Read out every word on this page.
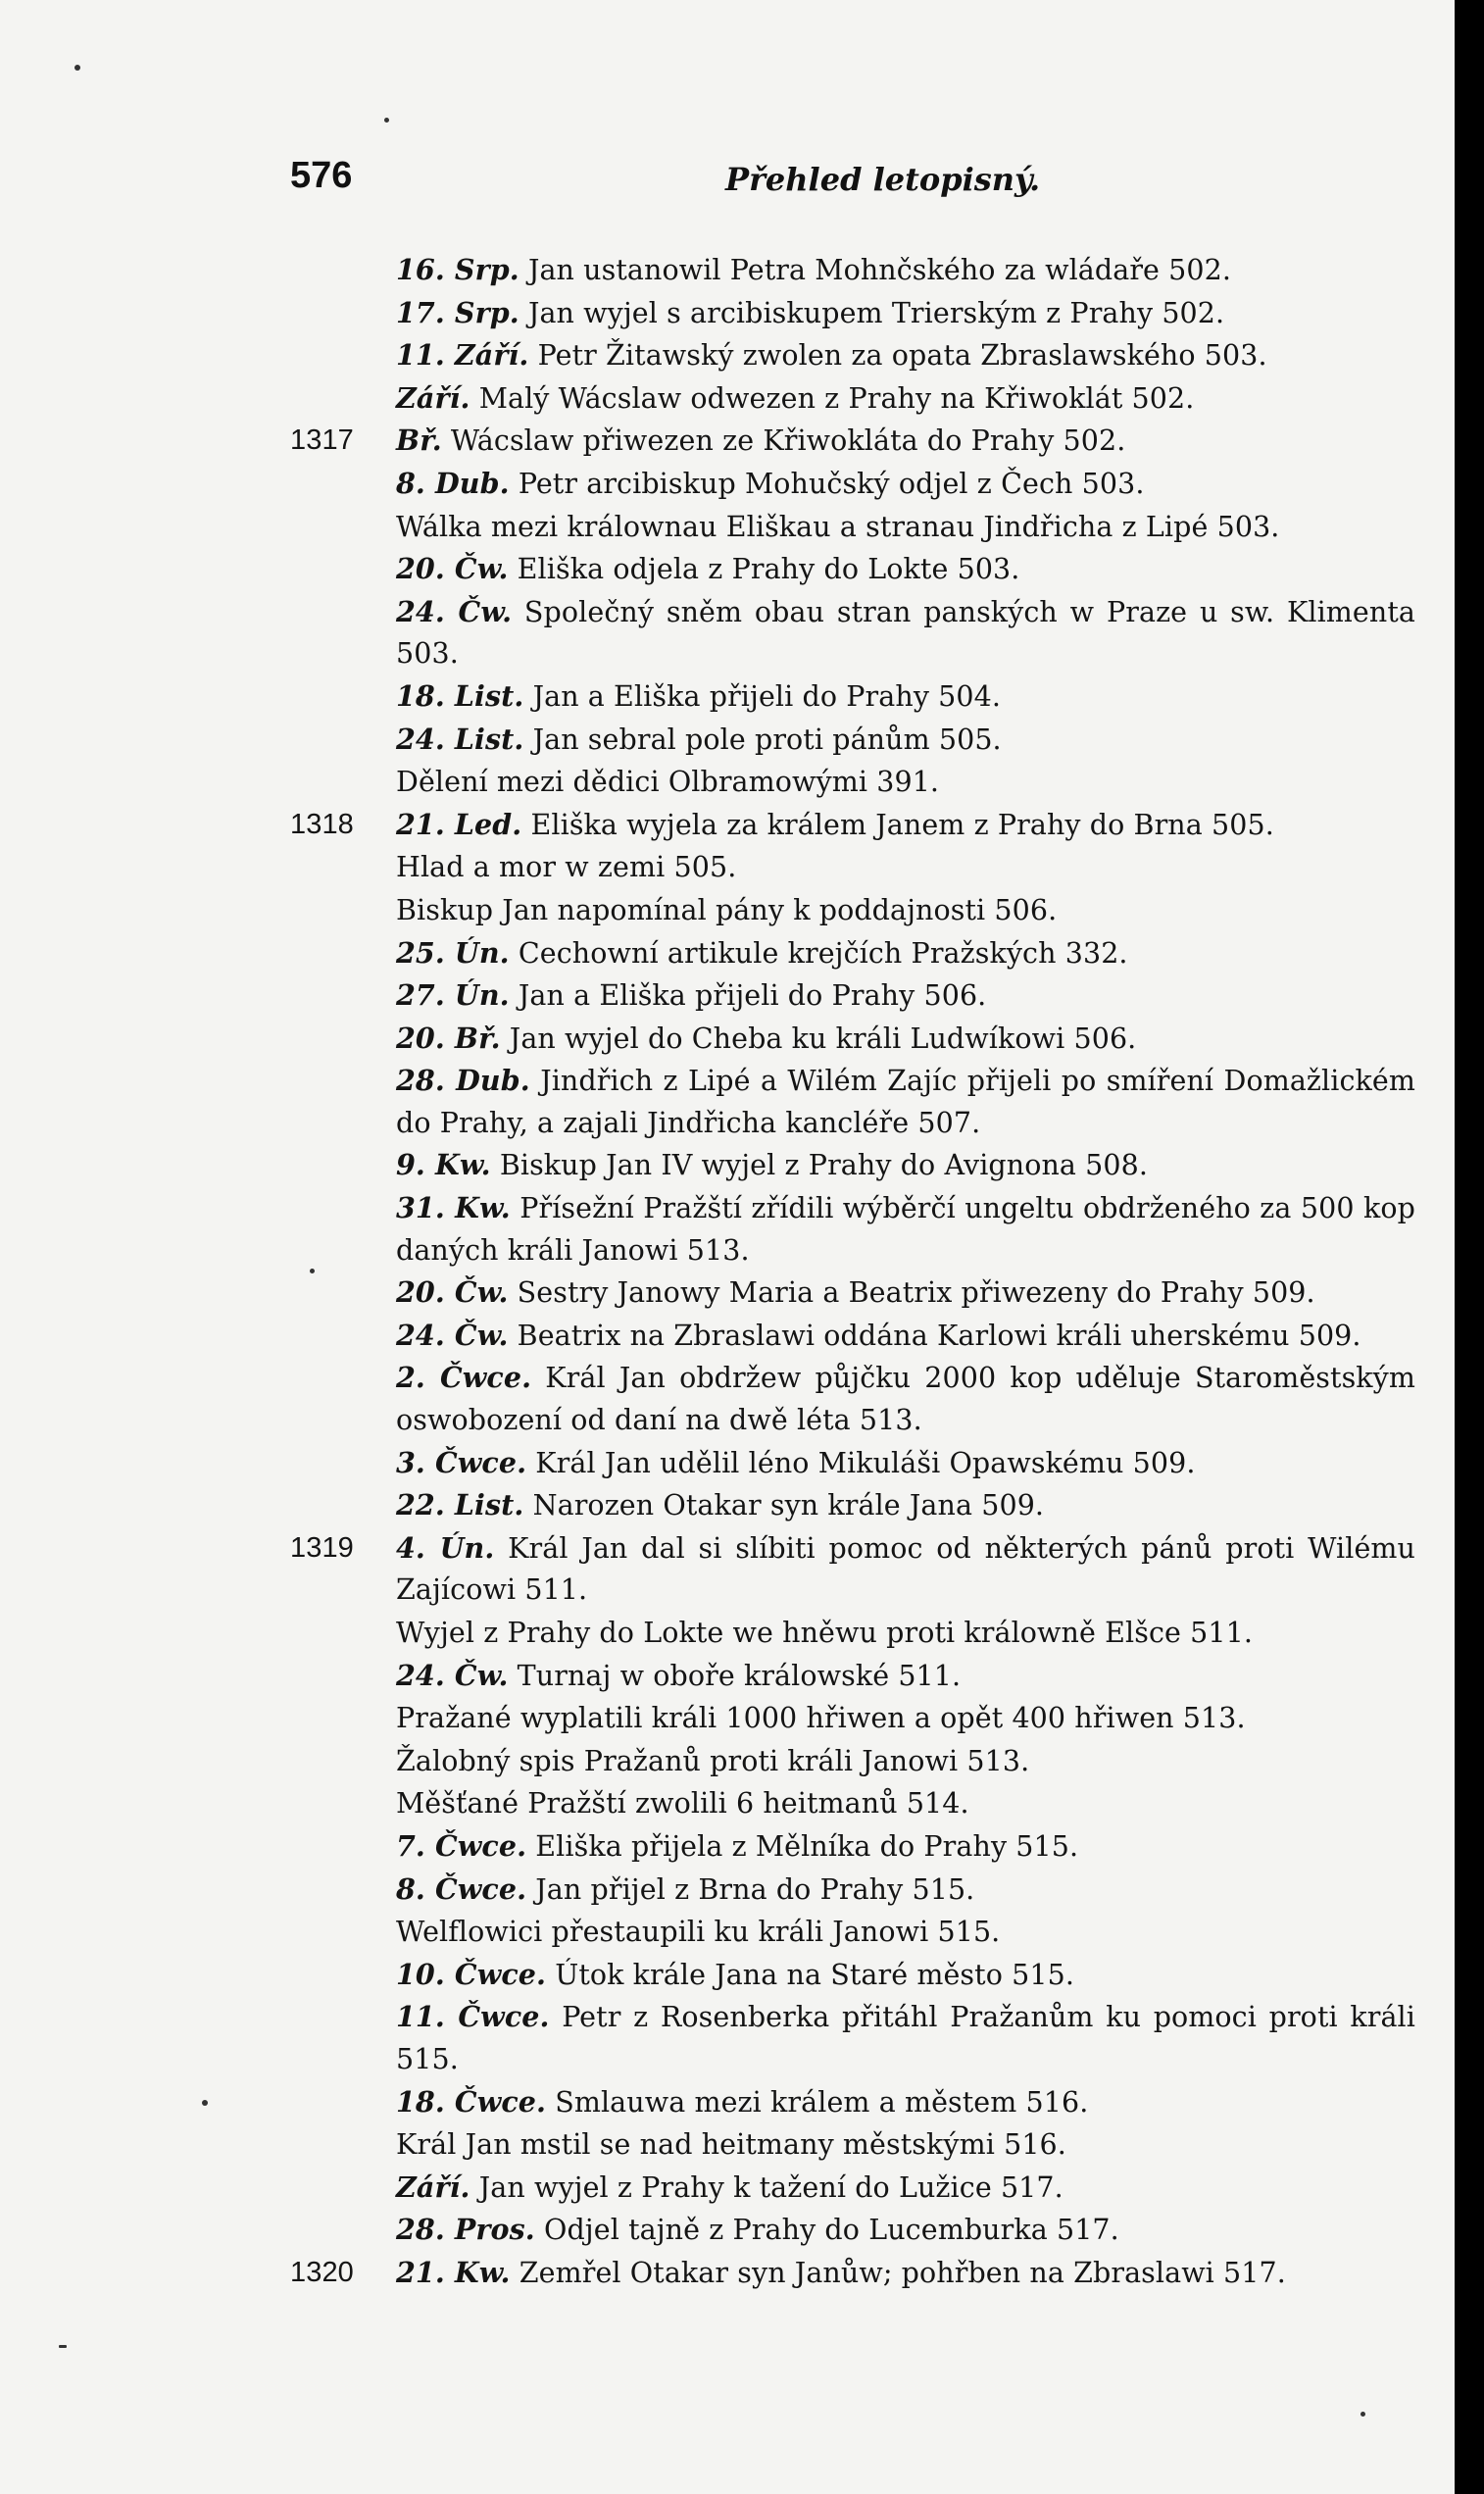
576	Přehled letopisný.
16. Srp. Jan ustanowil Petra Mohnčského za wládaře 502.
17. Srp. Jan wyjel s arcibiskupem Trierským z Prahy 502.
11. Září. Petr Žitawský zwolen za opata Zbraslawského 503.
Září. Malý Wácslaw odwezen z Prahy na Křiwoklát 502.
1317 Bř. Wácslaw přiwezen ze Křiwokláta do Prahy 502.
8. Dub. Petr arcibiskup Mohučský odjel z Čech 503.
Wálka mezi králownau Eliškau a stranau Jindřicha z Lipé 503.
20. Čw. Eliška odjela z Prahy do Lokte 503.
24. Čw. Společný sněm obau stran panských w Praze u sw. Klimenta 503.
18. List. Jan a Eliška přijeli do Prahy 504.
24. List. Jan sebral pole proti pánům 505.
Dělení mezi dědici Olbramowými 391.
1318 21. Led. Eliška wyjela za králem Janem z Prahy do Brna 505.
Hlad a mor w zemi 505.
Biskup Jan napomínal pány k poddajnosti 506.
25. Ún. Cechowní artikule krejčích Pražských 332.
27. Ún. Jan a Eliška přijeli do Prahy 506.
20. Bř. Jan wyjel do Cheba ku králi Ludwíkowi 506.
28. Dub. Jindřich z Lipé a Wilém Zajíc přijeli po smíření Domažlickém do Prahy, a zajali Jindřicha kancléře 507.
9. Kw. Biskup Jan IV wyjel z Prahy do Avignona 508.
31. Kw. Přísežní Pražští zřídili wýběrčí ungeltu obdrženého za 500 kop daných králi Janowi 513.
20. Čw. Sestry Janowy Maria a Beatrix přiwezeny do Prahy 509.
24. Čw. Beatrix na Zbraslawi oddána Karlowi králi uherskému 509.
2. Čwce. Král Jan obdržew půjčku 2000 kop uděluje Staroměstským oswobození od daní na dwě léta 513.
3. Čwce. Král Jan udělil léno Mikuláši Opawskému 509.
22. List. Narozen Otakar syn krále Jana 509.
1319 4. Ún. Král Jan dal si slíbiti pomoc od některých pánů proti Wilému Zajícowi 511.
Wyjel z Prahy do Lokte we hněwu proti králowně Elšce 511.
24. Čw. Turnaj w oboře králowské 511.
Pražané wyplatili králi 1000 hřiwen a opět 400 hřiwen 513.
Žalobný spis Pražanů proti králi Janowi 513.
Měšťané Pražští zwolili 6 heitmanů 514.
7. Čwce. Eliška přijela z Mělníka do Prahy 515.
8. Čwce. Jan přijel z Brna do Prahy 515.
Welflowici přestaupili ku králi Janowi 515.
10. Čwce. Útok krále Jana na Staré město 515.
11. Čwce. Petr z Rosenberka přitáhl Pražanům ku pomoci proti králi 515.
18. Čwce. Smlauwa mezi králem a městem 516.
Král Jan mstil se nad heitmany městskými 516.
Září. Jan wyjel z Prahy k tažení do Lužice 517.
28. Pros. Odjel tajně z Prahy do Lucemburka 517.
1320 21. Kw. Zemřel Otakar syn Janůw; pohřben na Zbraslawi 517.
